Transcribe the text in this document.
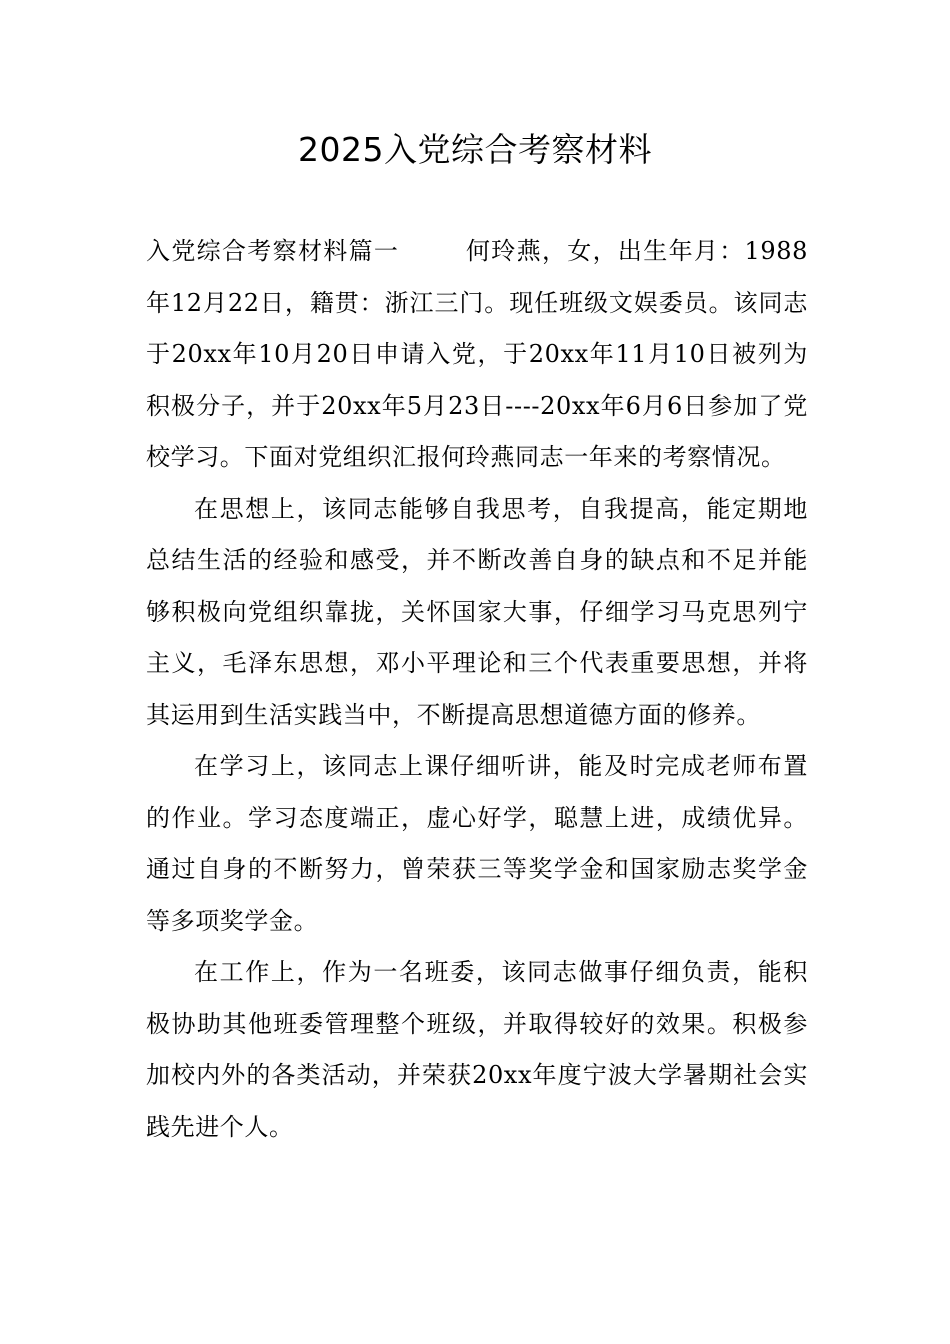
2025入党综合考察材料

入党综合考察材料篇一	何玲燕，女，出生年月：1988年12月22日，籍贯：浙江三门。现任班级文娱委员。该同志于20xx年10月20日申请入党，于20xx年11月10日被列为积极分子，并于20xx年5月23日----20xx年6月6日参加了党校学习。下面对党组织汇报何玲燕同志一年来的考察情况。

在思想上，该同志能够自我思考，自我提高，能定期地总结生活的经验和感受，并不断改善自身的缺点和不足并能够积极向党组织靠拢，关怀国家大事，仔细学习马克思列宁主义，毛泽东思想，邓小平理论和三个代表重要思想，并将其运用到生活实践当中，不断提高思想道德方面的修养。

在学习上，该同志上课仔细听讲，能及时完成老师布置的作业。学习态度端正，虚心好学，聪慧上进，成绩优异。通过自身的不断努力，曾荣获三等奖学金和国家励志奖学金等多项奖学金。

在工作上，作为一名班委，该同志做事仔细负责，能积极协助其他班委管理整个班级，并取得较好的效果。积极参加校内外的各类活动，并荣获20xx年度宁波大学暑期社会实践先进个人。
